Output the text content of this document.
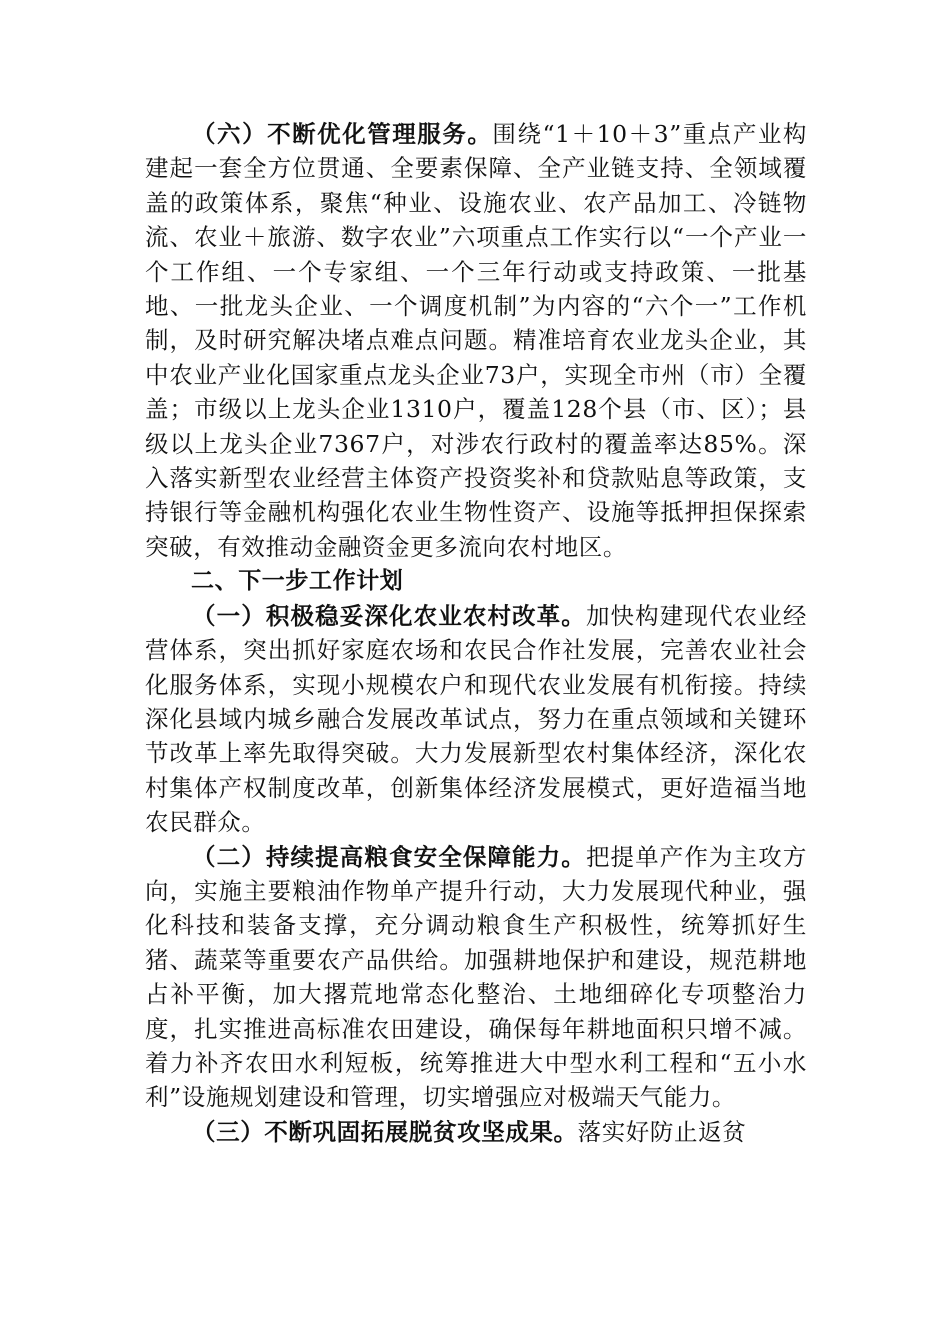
（六）不断优化管理服务。围绕“1＋10＋3”重点产业构建起一套全方位贯通、全要素保障、全产业链支持、全领域覆盖的政策体系，聚焦“种业、设施农业、农产品加工、冷链物流、农业＋旅游、数字农业”六项重点工作实行以“一个产业一个工作组、一个专家组、一个三年行动或支持政策、一批基地、一批龙头企业、一个调度机制”为内容的“六个一”工作机制，及时研究解决堵点难点问题。精准培育农业龙头企业，其中农业产业化国家重点龙头企业73户，实现全市州（市）全覆盖；市级以上龙头企业1310户，覆盖128个县（市、区）；县级以上龙头企业7367户，对涉农行政村的覆盖率达85%。深入落实新型农业经营主体资产投资奖补和贷款贴息等政策，支持银行等金融机构强化农业生物性资产、设施等抵押担保探索突破，有效推动金融资金更多流向农村地区。

二、下一步工作计划

（一）积极稳妥深化农业农村改革。加快构建现代农业经营体系，突出抓好家庭农场和农民合作社发展，完善农业社会化服务体系，实现小规模农户和现代农业发展有机衔接。持续深化县域内城乡融合发展改革试点，努力在重点领域和关键环节改革上率先取得突破。大力发展新型农村集体经济，深化农村集体产权制度改革，创新集体经济发展模式，更好造福当地农民群众。

（二）持续提高粮食安全保障能力。把提单产作为主攻方向，实施主要粮油作物单产提升行动，大力发展现代种业，强化科技和装备支撑，充分调动粮食生产积极性，统筹抓好生猪、蔬菜等重要农产品供给。加强耕地保护和建设，规范耕地占补平衡，加大撂荒地常态化整治、土地细碎化专项整治力度，扎实推进高标准农田建设，确保每年耕地面积只增不减。着力补齐农田水利短板，统筹推进大中型水利工程和“五小水利”设施规划建设和管理，切实增强应对极端天气能力。

（三）不断巩固拓展脱贫攻坚成果。落实好防止返贫
